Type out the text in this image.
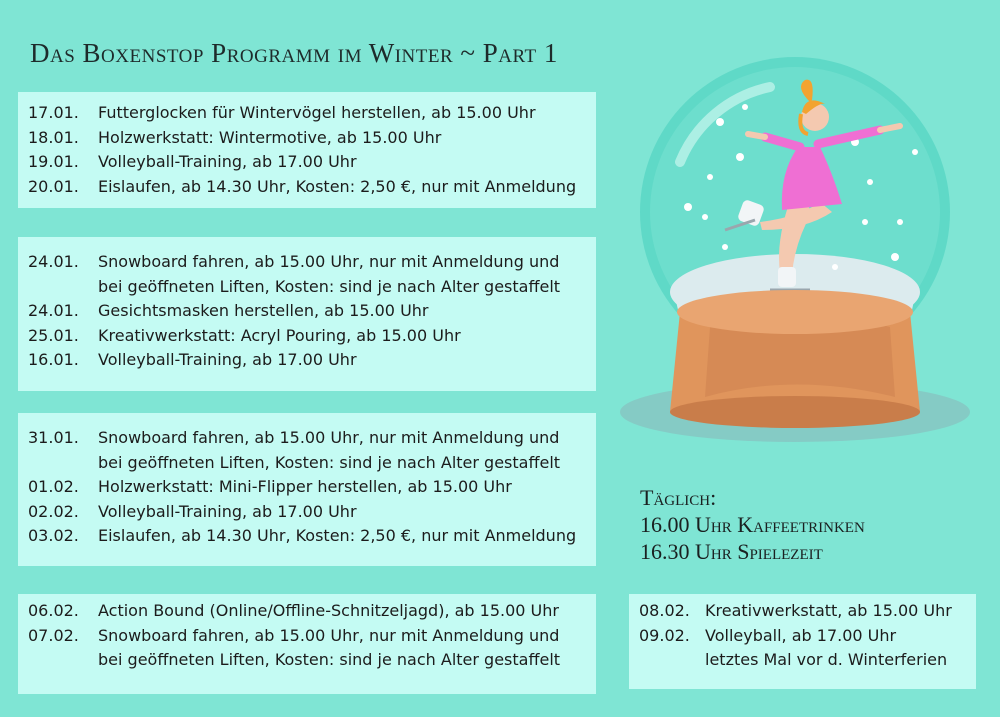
Das Boxenstop Programm im Winter ~ Part 1
17.01.	Futterglocken für Wintervögel herstellen, ab 15.00 Uhr
18.01.	Holzwerkstatt: Wintermotive, ab 15.00 Uhr
19.01.	Volleyball-Training, ab 17.00 Uhr
20.01.	Eislaufen, ab 14.30 Uhr, Kosten: 2,50 €, nur mit Anmeldung
24.01.	Snowboard fahren, ab 15.00 Uhr, nur mit Anmeldung und
bei geöffneten Liften, Kosten: sind je nach Alter gestaffelt
24.01.	Gesichtsmasken herstellen, ab 15.00 Uhr
25.01.	Kreativwerkstatt: Acryl Pouring, ab 15.00 Uhr
16.01.	Volleyball-Training, ab 17.00 Uhr
31.01.	Snowboard fahren, ab 15.00 Uhr, nur mit Anmeldung und
bei geöffneten Liften, Kosten: sind je nach Alter gestaffelt
01.02.	Holzwerkstatt: Mini-Flipper herstellen, ab 15.00 Uhr
02.02.	Volleyball-Training, ab 17.00 Uhr
03.02.	Eislaufen, ab 14.30 Uhr, Kosten: 2,50 €, nur mit Anmeldung
06.02.	Action Bound (Online/Offline-Schnitzeljagd), ab 15.00 Uhr
07.02.	Snowboard fahren, ab 15.00 Uhr, nur mit Anmeldung und
bei geöffneten Liften, Kosten: sind je nach Alter gestaffelt
08.02. Kreativwerkstatt, ab 15.00 Uhr
09.02. Volleyball, ab 17.00 Uhr
letztes Mal vor d. Winterferien
Täglich:
16.00 Uhr Kaffeetrinken
16.30 Uhr Spielezeit
